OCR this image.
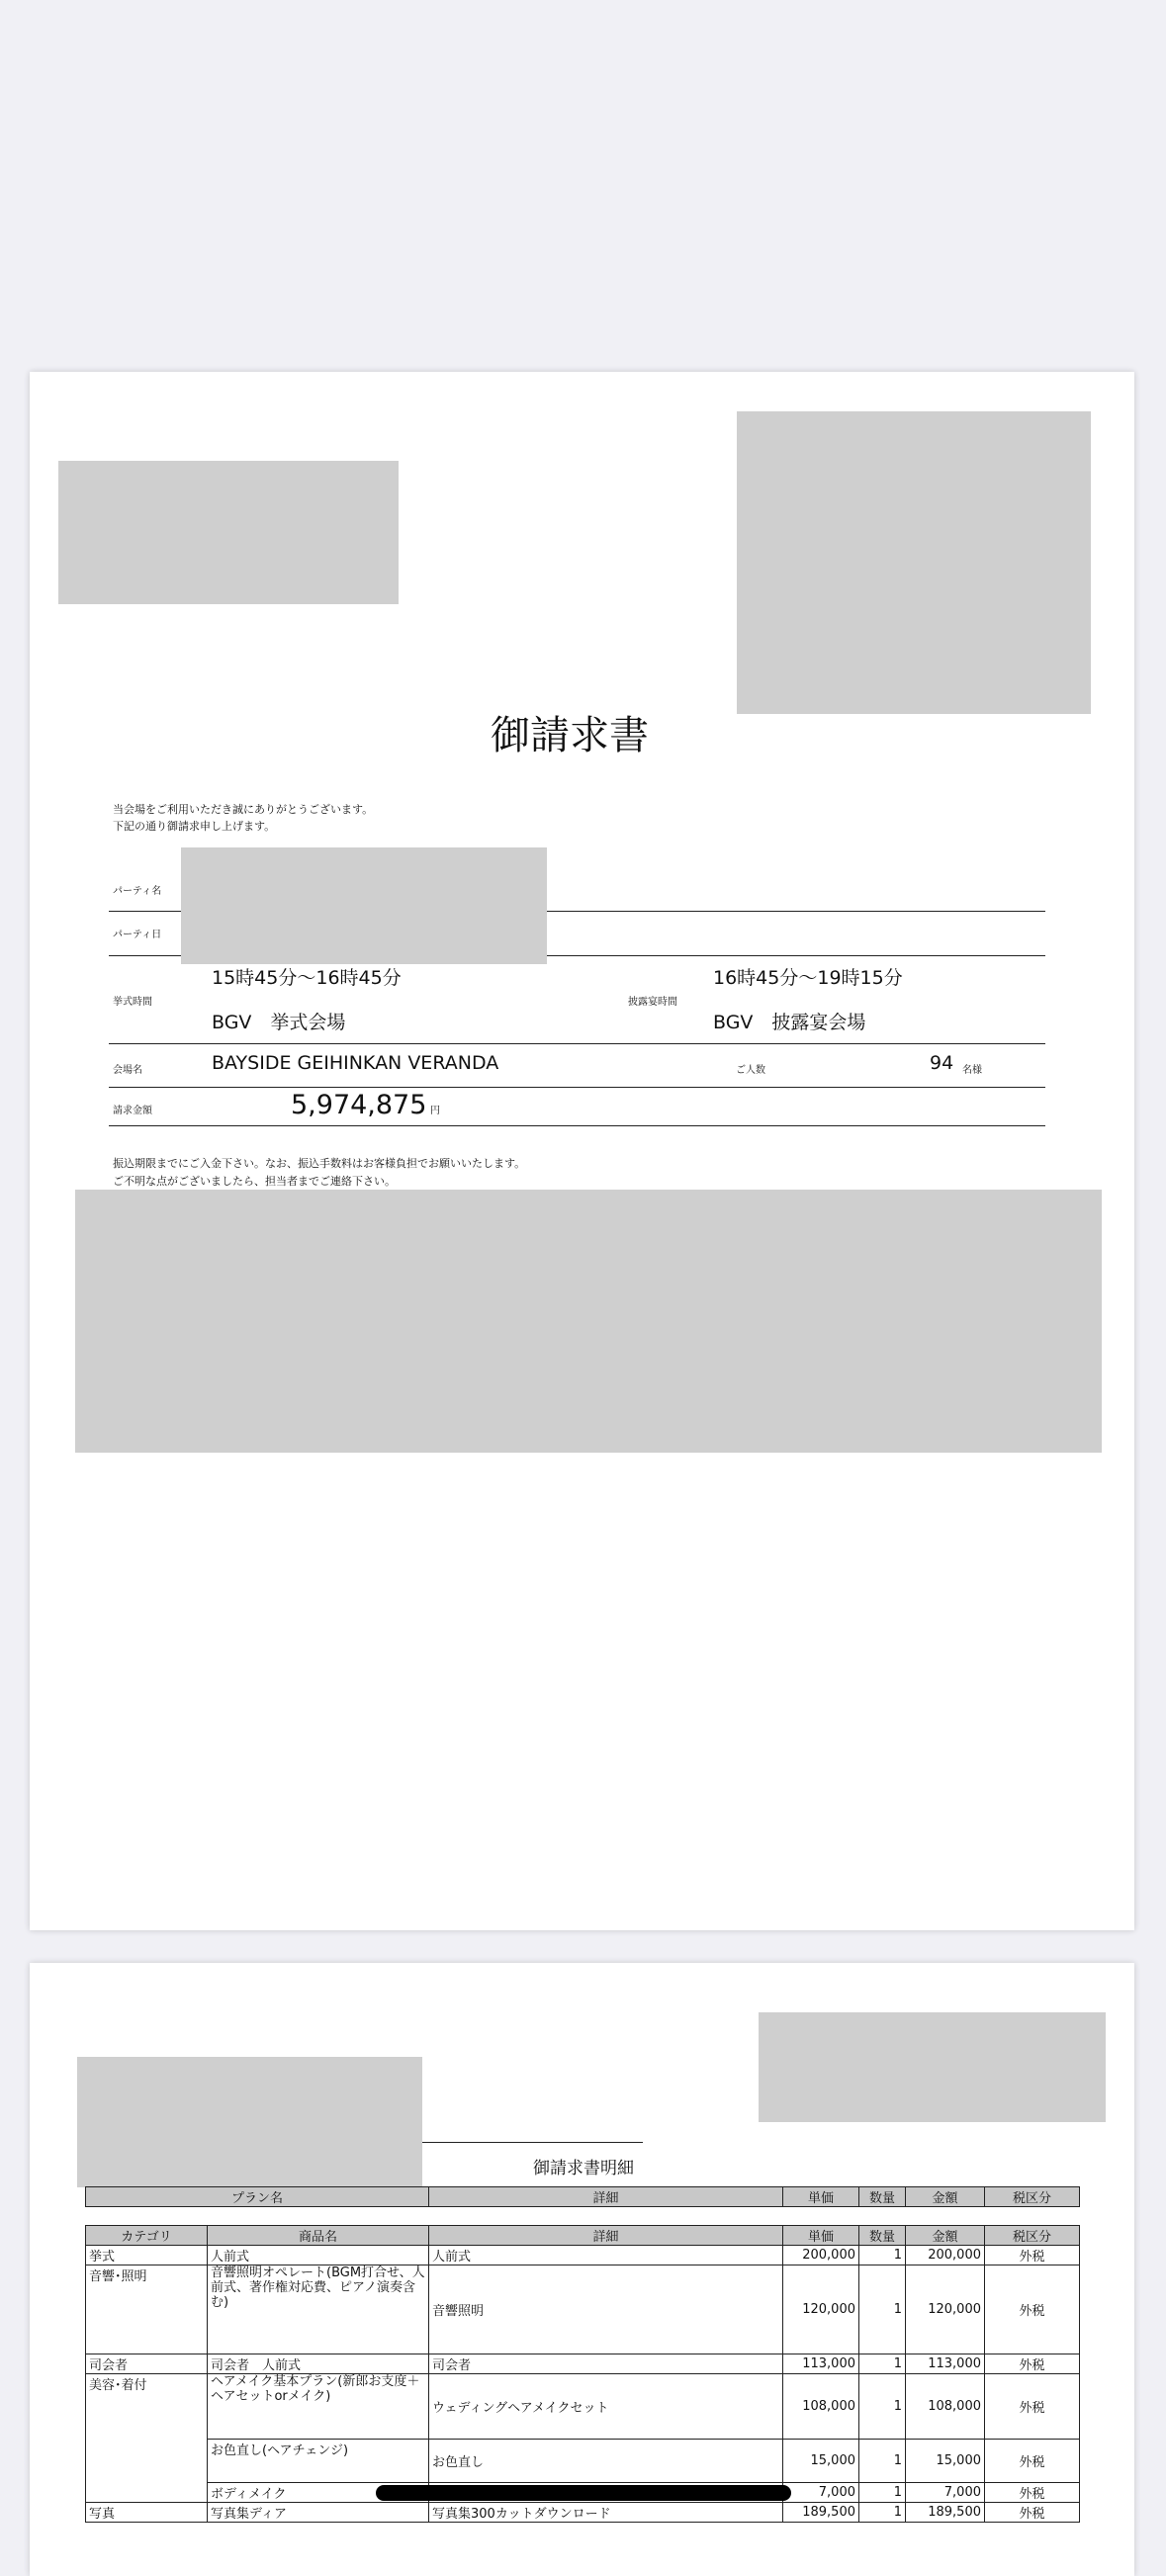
御請求書
当会場をご利用いただき誠にありがとうございます。
下記の通り御請求申し上げます。
パーティ名
パーティ日
挙式時間
15時45分～16時45分
BGV　挙式会場
披露宴時間
16時45分～19時15分
BGV　披露宴会場
会場名	BAYSIDE GEIHINKAN VERANDA	ご人数	94 名様
請求金額	5,974,875 円
振込期限までにご入金下さい。なお、振込手数料はお客様負担でお願いいたします。
ご不明な点がございましたら、担当者までご連絡下さい。
御請求書明細
プラン名	詳細	単価	数量	金額	税区分
カテゴリ	商品名	詳細	単価	数量	金額	税区分
挙式	人前式	人前式	200,000	1	200,000	外税
音響･照明	音響照明オペレート(BGM打合せ、人前式、著作権対応費、ピアノ演奏含む)	音響照明	120,000	1	120,000	外税
司会者	司会者　人前式	司会者	113,000	1	113,000	外税
美容･着付	ヘアメイク基本プラン(新郎お支度＋ヘアセットorメイク)	ウェディングヘアメイクセット	108,000	1	108,000	外税
	お色直し(ヘアチェンジ)	お色直し	15,000	1	15,000	外税
	ボディメイク		7,000	1	7,000	外税
写真	写真集ディア	写真集300カットダウンロード	189,500	1	189,500	外税
